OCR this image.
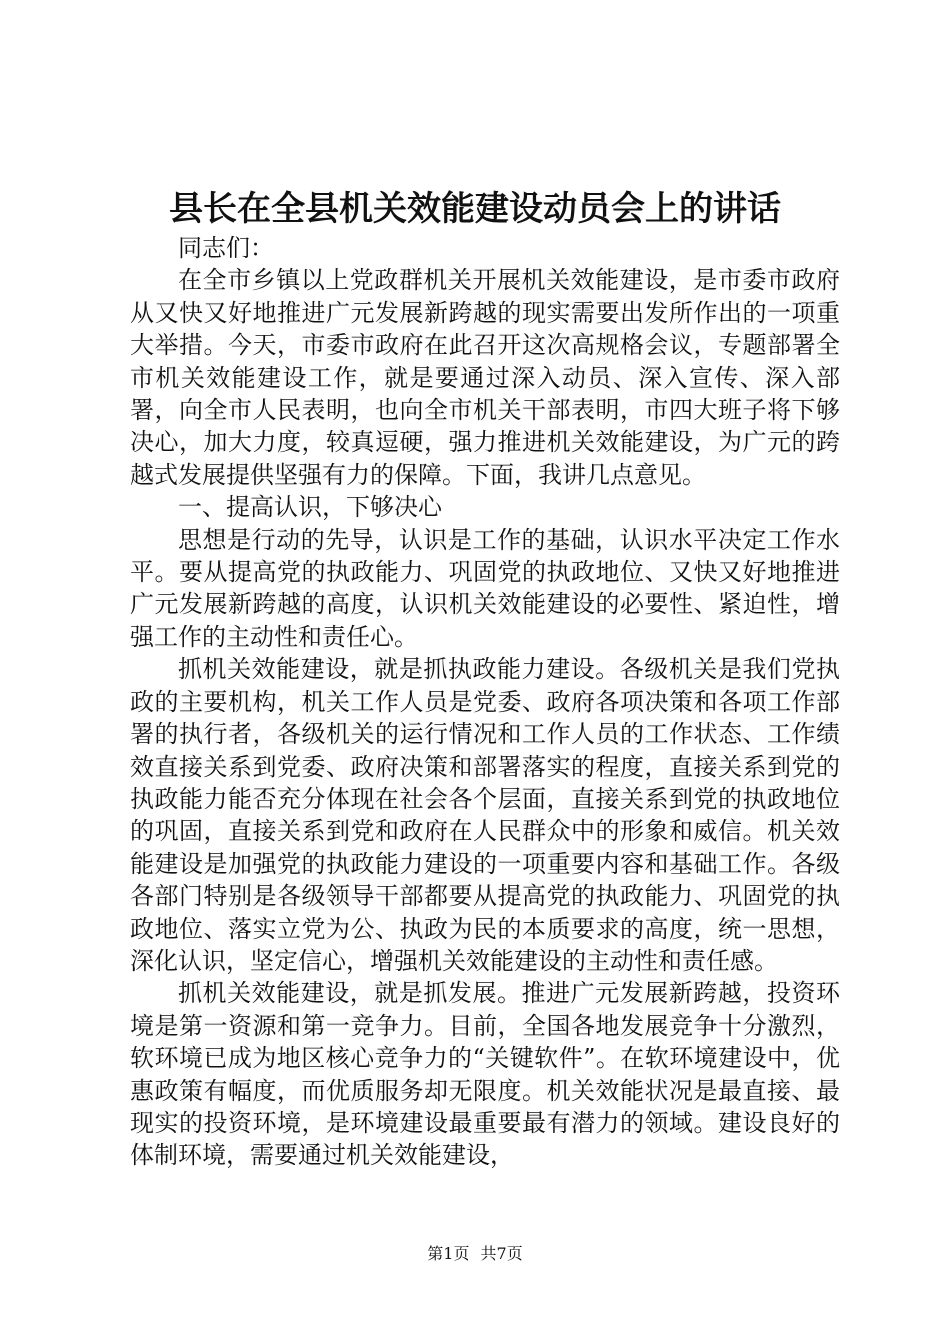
县长在全县机关效能建设动员会上的讲话

同志们：

在全市乡镇以上党政群机关开展机关效能建设，是市委市政府从又快又好地推进广元发展新跨越的现实需要出发所作出的一项重大举措。今天，市委市政府在此召开这次高规格会议，专题部署全市机关效能建设工作，就是要通过深入动员、深入宣传、深入部署，向全市人民表明，也向全市机关干部表明，市四大班子将下够决心，加大力度，较真逗硬，强力推进机关效能建设，为广元的跨越式发展提供坚强有力的保障。下面，我讲几点意见。

一、提高认识，下够决心

思想是行动的先导，认识是工作的基础，认识水平决定工作水平。要从提高党的执政能力、巩固党的执政地位、又快又好地推进广元发展新跨越的高度，认识机关效能建设的必要性、紧迫性，增强工作的主动性和责任心。

抓机关效能建设，就是抓执政能力建设。各级机关是我们党执政的主要机构，机关工作人员是党委、政府各项决策和各项工作部署的执行者，各级机关的运行情况和工作人员的工作状态、工作绩效直接关系到党委、政府决策和部署落实的程度，直接关系到党的执政能力能否充分体现在社会各个层面，直接关系到党的执政地位的巩固，直接关系到党和政府在人民群众中的形象和威信。机关效能建设是加强党的执政能力建设的一项重要内容和基础工作。各级各部门特别是各级领导干部都要从提高党的执政能力、巩固党的执政地位、落实立党为公、执政为民的本质要求的高度，统一思想，深化认识，坚定信心，增强机关效能建设的主动性和责任感。

抓机关效能建设，就是抓发展。推进广元发展新跨越，投资环境是第一资源和第一竞争力。目前，全国各地发展竞争十分激烈，软环境已成为地区核心竞争力的“关键软件”。在软环境建设中，优惠政策有幅度，而优质服务却无限度。机关效能状况是最直接、最现实的投资环境，是环境建设最重要最有潜力的领域。建设良好的体制环境，需要通过机关效能建设，

第1页 共7页
